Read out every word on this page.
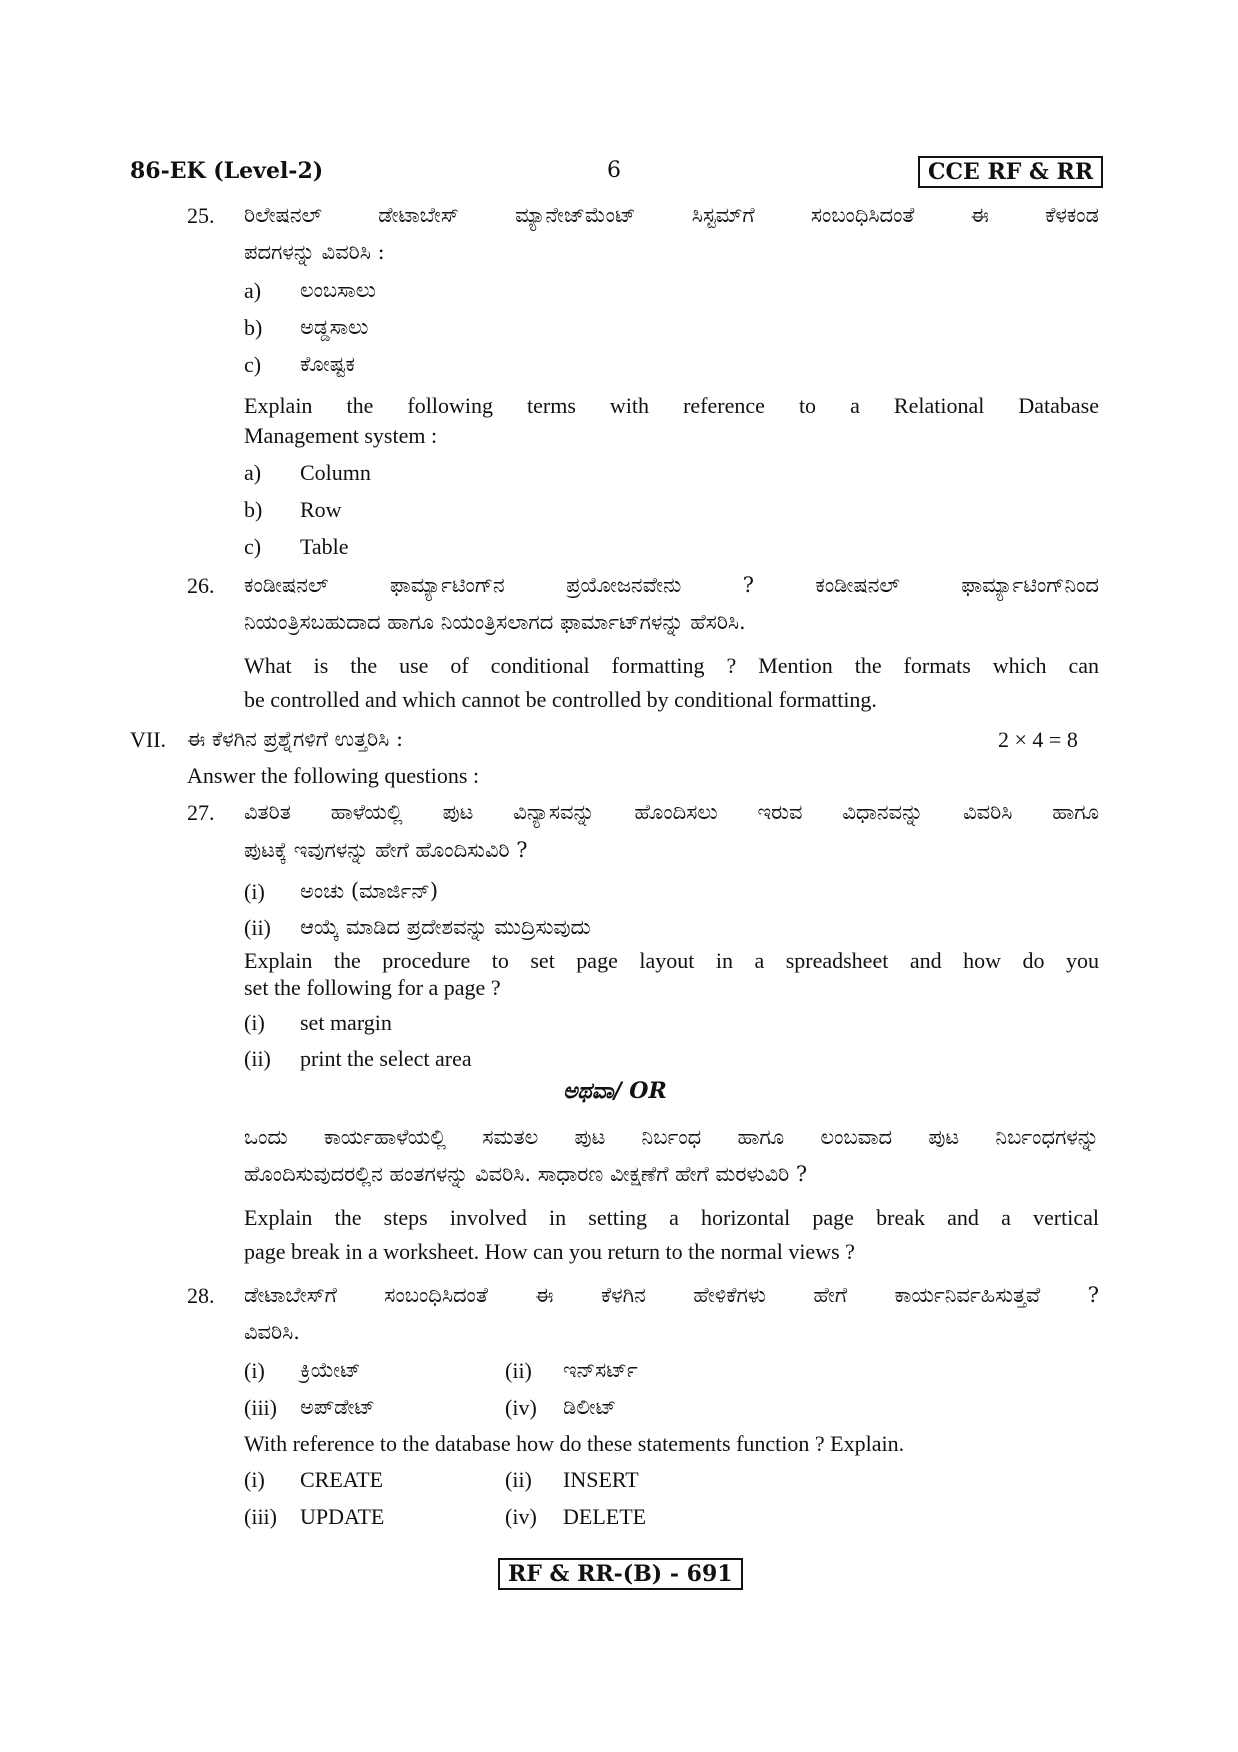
86-EK (Level-2)	6	CCE RF & RR
25. ರಿಲೇಷನಲ್ ಡೇಟಾಬೇಸ್ ಮ್ಯಾನೇಜ್‌ಮೆಂಟ್ ಸಿಸ್ಟಮ್‌ಗೆ ಸಂಬಂಧಿಸಿದಂತೆ ಈ ಕೆಳಕಂಡ
ಪದಗಳನ್ನು ವಿವರಿಸಿ :
a) ಲಂಬಸಾಲು
b) ಅಡ್ಡಸಾಲು
c) ಕೋಷ್ಟಕ
Explain the following terms with reference to a Relational Database
Management system :
a) Column
b) Row
c) Table
26. ಕಂಡೀಷನಲ್ ಫಾರ್ಮ್ಯಾಟಿಂಗ್‌ನ ಪ್ರಯೋಜನವೇನು ? ಕಂಡೀಷನಲ್ ಫಾರ್ಮ್ಯಾಟಿಂಗ್‌ನಿಂದ
ನಿಯಂತ್ರಿಸಬಹುದಾದ ಹಾಗೂ ನಿಯಂತ್ರಿಸಲಾಗದ ಫಾರ್ಮಾಟ್‌ಗಳನ್ನು ಹೆಸರಿಸಿ.
What is the use of conditional formatting ? Mention the formats which can
be controlled and which cannot be controlled by conditional formatting.
VII. ಈ ಕೆಳಗಿನ ಪ್ರಶ್ನೆಗಳಿಗೆ ಉತ್ತರಿಸಿ :	2 × 4 = 8
Answer the following questions :
27. ವಿತರಿತ ಹಾಳೆಯಲ್ಲಿ ಪುಟ ವಿನ್ಯಾಸವನ್ನು ಹೊಂದಿಸಲು ಇರುವ ವಿಧಾನವನ್ನು ವಿವರಿಸಿ ಹಾಗೂ
ಪುಟಕ್ಕೆ ಇವುಗಳನ್ನು ಹೇಗೆ ಹೊಂದಿಸುವಿರಿ ?
(i) ಅಂಚು (ಮಾರ್ಜಿನ್)
(ii) ಆಯ್ಕೆ ಮಾಡಿದ ಪ್ರದೇಶವನ್ನು ಮುದ್ರಿಸುವುದು
Explain the procedure to set page layout in a spreadsheet and how do you
set the following for a page ?
(i) set margin
(ii) print the select area
ಅಥವಾ/ OR
ಒಂದು ಕಾರ್ಯಹಾಳೆಯಲ್ಲಿ ಸಮತಲ ಪುಟ ನಿರ್ಬಂಧ ಹಾಗೂ ಲಂಬವಾದ ಪುಟ ನಿರ್ಬಂಧಗಳನ್ನು
ಹೊಂದಿಸುವುದರಲ್ಲಿನ ಹಂತಗಳನ್ನು ವಿವರಿಸಿ. ಸಾಧಾರಣ ವೀಕ್ಷಣೆಗೆ ಹೇಗೆ ಮರಳುವಿರಿ ?
Explain the steps involved in setting a horizontal page break and a vertical
page break in a worksheet. How can you return to the normal views ?
28. ಡೇಟಾಬೇಸ್‌ಗೆ ಸಂಬಂಧಿಸಿದಂತೆ ಈ ಕೆಳಗಿನ ಹೇಳಿಕೆಗಳು ಹೇಗೆ ಕಾರ್ಯನಿರ್ವಹಿಸುತ್ತವೆ ?
ವಿವರಿಸಿ.
(i) ಕ್ರಿಯೇಟ್	(ii) ಇನ್‌ಸರ್ಟ್
(iii) ಅಪ್‌ಡೇಟ್	(iv) ಡಿಲೀಟ್
With reference to the database how do these statements function ? Explain.
(i) CREATE	(ii) INSERT
(iii) UPDATE	(iv) DELETE
RF & RR-(B) - 691
